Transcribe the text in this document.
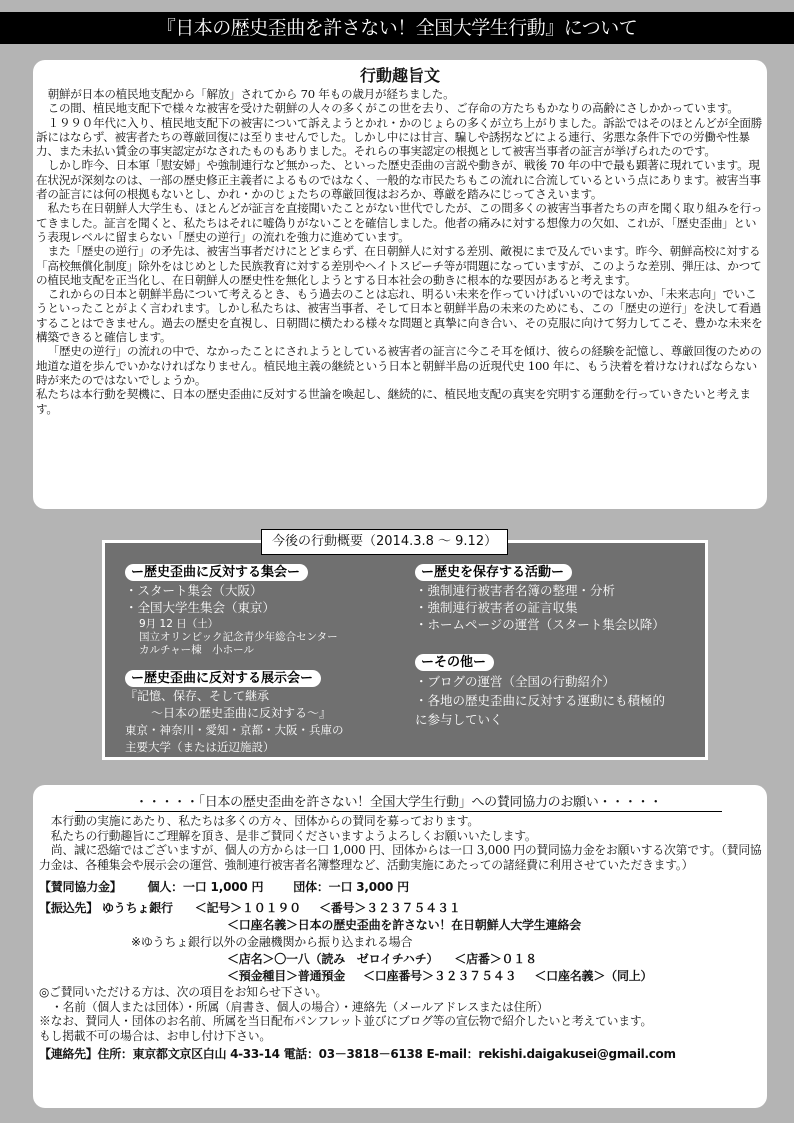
『日本の歴史歪曲を許さない！全国大学生行動』について
行動趣旨文

朝鮮が日本の植民地支配から「解放」されてから 70 年もの歳月が経ちました。

この間、植民地支配下で様々な被害を受けた朝鮮の人々の多くがこの世を去り、ご存命の方たちもかなりの高齢にさしかかっています。

１９９０年代に入り、植民地支配下の被害について訴えようとかれ・かのじょらの多くが立ち上がりました。訴訟ではそのほとんどが全面勝訴にはならず、被害者たちの尊厳回復には至りませんでした。しかし中には甘言、騙しや誘拐などによる連行、劣悪な条件下での労働や性暴力、また未払い賃金の事実認定がなされたものもありました。それらの事実認定の根拠として被害当事者の証言が挙げられたのです。

しかし昨今、日本軍「慰安婦」や強制連行など無かった、といった歴史歪曲の言説や動きが、戦後 70 年の中で最も顕著に現れています。現在状況が深刻なのは、一部の歴史修正主義者によるものではなく、一般的な市民たちもこの流れに合流しているという点にあります。被害当事者の証言には何の根拠もないとし、かれ・かのじょたちの尊厳回復はおろか、尊厳を踏みにじってさえいます。

私たち在日朝鮮人大学生も、ほとんどが証言を直接聞いたことがない世代でしたが、この間多くの被害当事者たちの声を聞く取り組みを行ってきました。証言を聞くと、私たちはそれに嘘偽りがないことを確信しました。他者の痛みに対する想像力の欠如、これが、「歴史歪曲」という表現レベルに留まらない「歴史の逆行」の流れを強力に進めています。

また「歴史の逆行」の矛先は、被害当事者だけにとどまらず、在日朝鮮人に対する差別、敵視にまで及んでいます。昨今、朝鮮高校に対する「高校無償化制度」除外をはじめとした民族教育に対する差別やヘイトスピーチ等が問題になっていますが、このような差別、弾圧は、かつての植民地支配を正当化し、在日朝鮮人の歴史性を無化しようとする日本社会の動きに根本的な要因があると考えます。

これからの日本と朝鮮半島について考えるとき、もう過去のことは忘れ、明るい未来を作っていけばいいのではないか、「未来志向」でいこうといったことがよく言われます。しかし私たちは、被害当事者、そして日本と朝鮮半島の未来のためにも、この「歴史の逆行」を決して看過することはできません。過去の歴史を直視し、日朝間に横たわる様々な問題と真摯に向き合い、その克服に向けて努力してこそ、豊かな未来を構築できると確信します。

「歴史の逆行」の流れの中で、なかったことにされようとしている被害者の証言に今こそ耳を傾け、彼らの経験を記憶し、尊厳回復のための地道な道を歩んでいかなければなりません。植民地主義の継続という日本と朝鮮半島の近現代史 100 年に、もう決着を着けなければならない時が来たのではないでしょうか。

私たちは本行動を契機に、日本の歴史歪曲に反対する世論を喚起し、継続的に、植民地支配の真実を究明する運動を行っていきたいと考えます。

今後の行動概要（2014.3.8 ～ 9.12）
ー歴史歪曲に反対する集会ー
・スタート集会（大阪）
・全国大学生集会（東京）
9月 12 日（土）
国立オリンピック記念青少年総合センター
カルチャー棟　小ホール
ー歴史歪曲に反対する展示会ー
『記憶、保存、そして継承
～日本の歴史歪曲に反対する～』
東京・神奈川・愛知・京都・大阪・兵庫の
主要大学（または近辺施設）
ー歴史を保存する活動ー
・強制連行被害者名簿の整理・分析
・強制連行被害者の証言収集
・ホームページの運営（スタート集会以降）
ーその他ー
・ブログの運営（全国の行動紹介）
・各地の歴史歪曲に反対する運動にも積極的
に参与していく
・・・・・「日本の歴史歪曲を許さない！全国大学生行動」への賛同協力のお願い・・・・・

本行動の実施にあたり、私たちは多くの方々、団体からの賛同を募っております。

私たちの行動趣旨にご理解を頂き、是非ご賛同くださいますようよろしくお願いいたします。

尚、誠に恐縮ではございますが、個人の方からは一口 1,000 円、団体からは一口 3,000 円の賛同協力金をお願いする次第です。（賛同協力金は、各種集会や展示会の運営、強制連行被害者名簿整理など、活動実施にあたっての諸経費に利用させていただきます。）

【賛同協力金】 個人：一口 1,000 円 団体：一口 3,000 円
【振込先】 ゆうちょ銀行 ＜記号＞１０１９０ ＜番号＞３２３７５４３１
＜口座名義＞日本の歴史歪曲を許さない！在日朝鮮人大学生連絡会
※ゆうちょ銀行以外の金融機関から振り込まれる場合
＜店名＞〇一八（読み　ゼロイチハチ） ＜店番＞０１８
＜預金種目＞普通預金 ＜口座番号＞３２３７５４３ ＜口座名義＞（同上）

◎ご賛同いただける方は、次の項目をお知らせ下さい。

・名前（個人または団体）・所属（肩書き、個人の場合）・連絡先（メールアドレスまたは住所）

※なお、賛同人・団体のお名前、所属を当日配布パンフレット並びにブログ等の宣伝物で紹介したいと考えています。

もし掲載不可の場合は、お申し付け下さい。

【連絡先】住所：東京都文京区白山 4-33-14 電話：03－3818－6138 E-mail：rekishi.daigakusei@gmail.com
